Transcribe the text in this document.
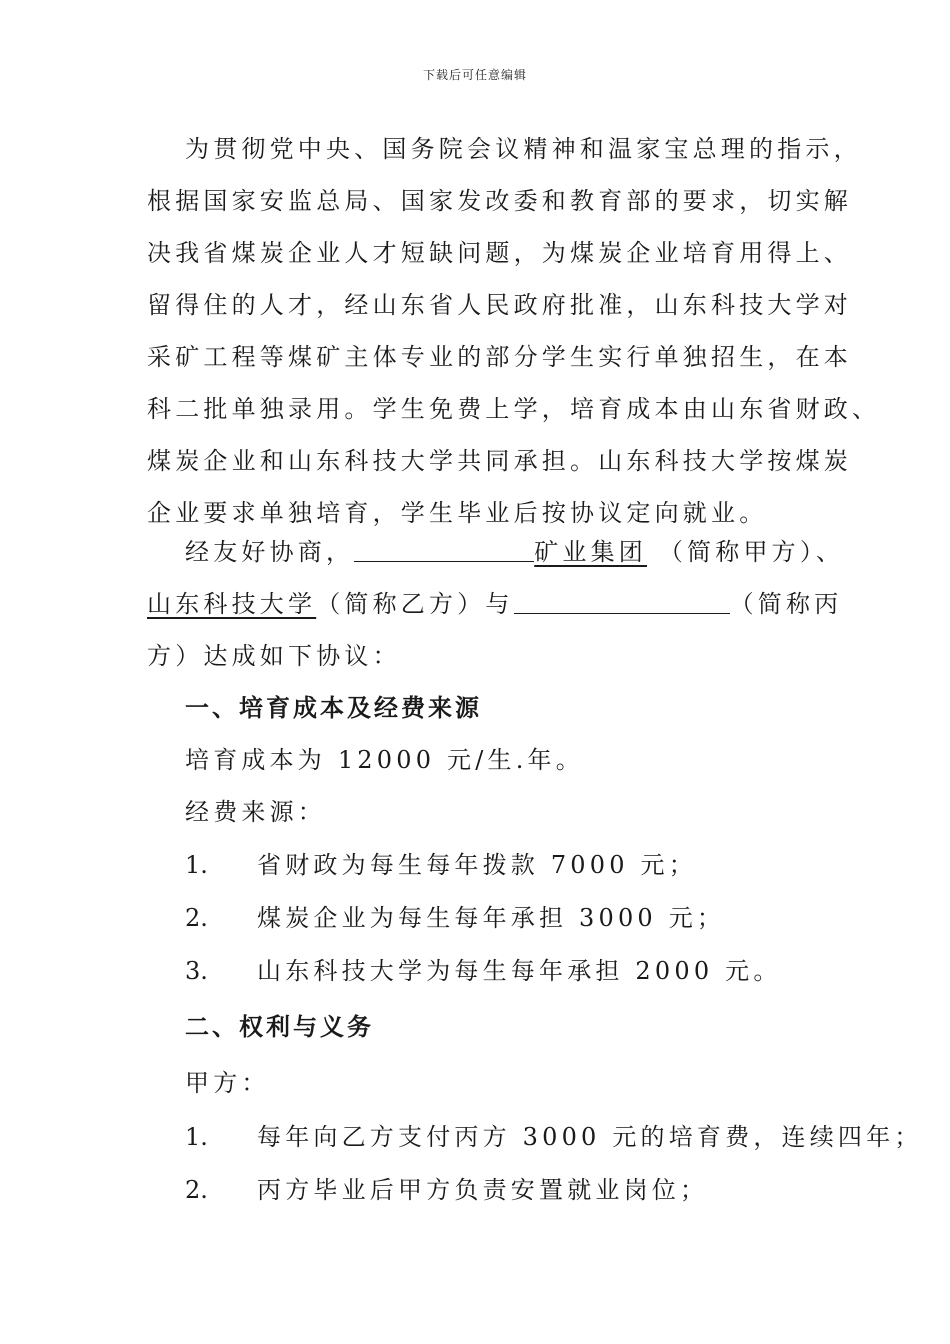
下载后可任意编辑
为贯彻党中央、国务院会议精神和温家宝总理的指示，
根据国家安监总局、国家发改委和教育部的要求，切实解
决我省煤炭企业人才短缺问题，为煤炭企业培育用得上、
留得住的人才，经山东省人民政府批准，山东科技大学对
采矿工程等煤矿主体专业的部分学生实行单独招生，在本
科二批单独录用。学生免费上学，培育成本由山东省财政、
煤炭企业和山东科技大学共同承担。山东科技大学按煤炭
企业要求单独培育，学生毕业后按协议定向就业。
经友好协商，	矿业集团 （简称甲方）、
山东科技大学（简称乙方）与	（简称丙
方）达成如下协议：
一、培育成本及经费来源
培育成本为 12000 元/生.年。
经费来源：
1. 省财政为每生每年拨款 7000 元；
2. 煤炭企业为每生每年承担 3000 元；
3. 山东科技大学为每生每年承担 2000 元。
二、权利与义务
甲方：
1. 每年向乙方支付丙方 3000 元的培育费，连续四年；
2. 丙方毕业后甲方负责安置就业岗位；
